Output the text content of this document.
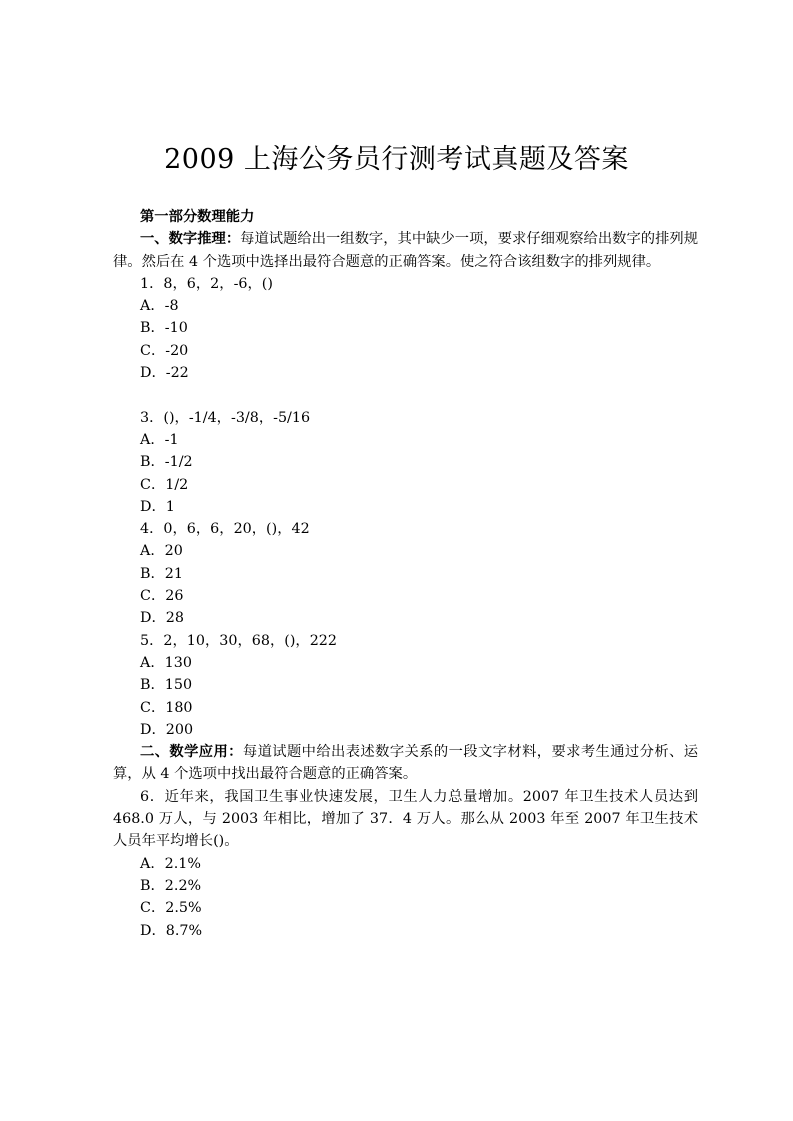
2009 上海公务员行测考试真题及答案
第一部分数理能力
一、数字推理：每道试题给出一组数字，其中缺少一项，要求仔细观察给出数字的排列规律。然后在 4 个选项中选择出最符合题意的正确答案。使之符合该组数字的排列规律。
1．8，6，2，-6，()
A．-8
B．-10
C．-20
D．-22
3．()，-1/4，-3/8，-5/16
A．-1
B．-1/2
C．1/2
D．1
4．0，6，6，20，()，42
A．20
B．21
C．26
D．28
5．2，10，30，68，()，222
A．130
B．150
C．180
D．200
二、数学应用：每道试题中给出表述数字关系的一段文字材料，要求考生通过分析、运算，从 4 个选项中找出最符合题意的正确答案。
6．近年来，我国卫生事业快速发展，卫生人力总量增加。2007 年卫生技术人员达到 468.0 万人，与 2003 年相比，增加了 37．4 万人。那么从 2003 年至 2007 年卫生技术人员年平均增长()。
A．2.1%
B．2.2%
C．2.5%
D．8.7%
